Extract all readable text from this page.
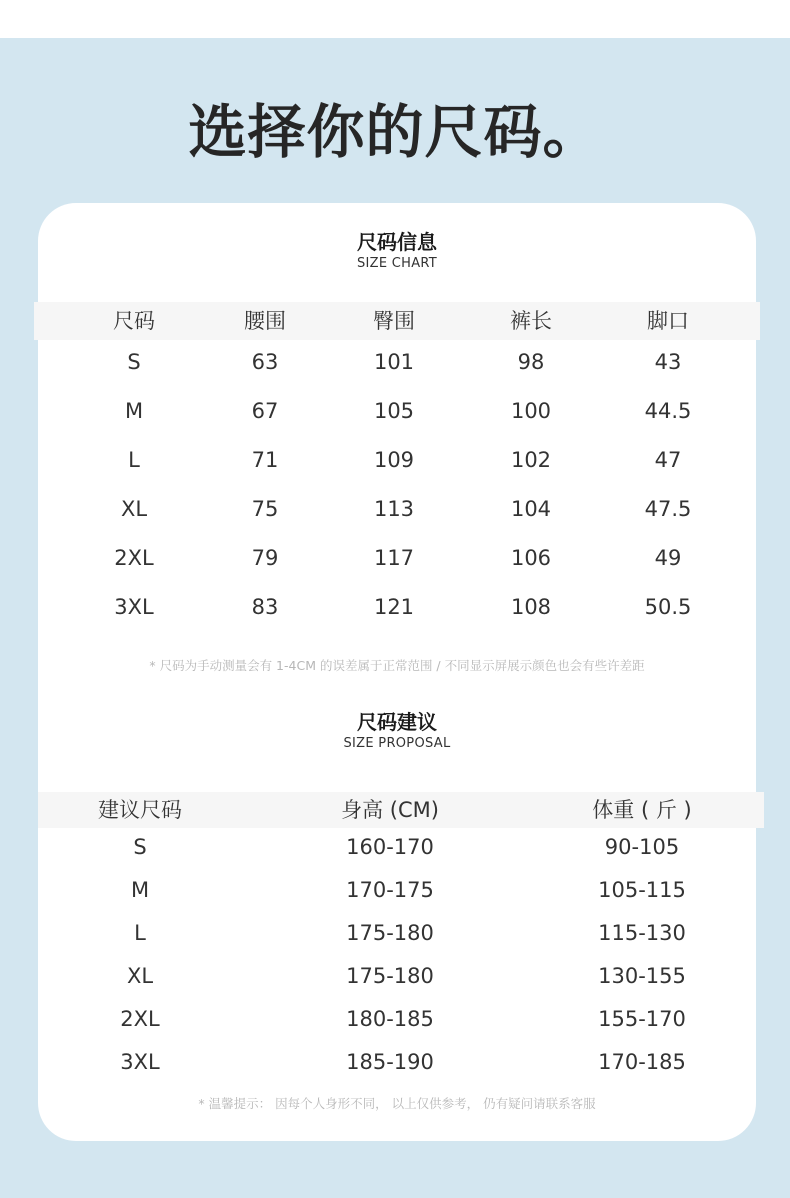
选择你的尺码。
尺码信息
SIZE CHART
尺码	腰围	臀围	裤长	脚口
S	63	101	98	43
M	67	105	100	44.5
L	71	109	102	47
XL	75	113	104	47.5
2XL	79	117	106	49
3XL	83	121	108	50.5
* 尺码为手动测量会有 1-4CM 的误差属于正常范围 / 不同显示屏展示颜色也会有些许差距
尺码建议
SIZE PROPOSAL
建议尺码	身高 (CM)	体重 ( 斤 )
S	160-170	90-105
M	170-175	105-115
L	175-180	115-130
XL	175-180	130-155
2XL	180-185	155-170
3XL	185-190	170-185
* 温馨提示： 因每个人身形不同， 以上仅供参考， 仍有疑问请联系客服
